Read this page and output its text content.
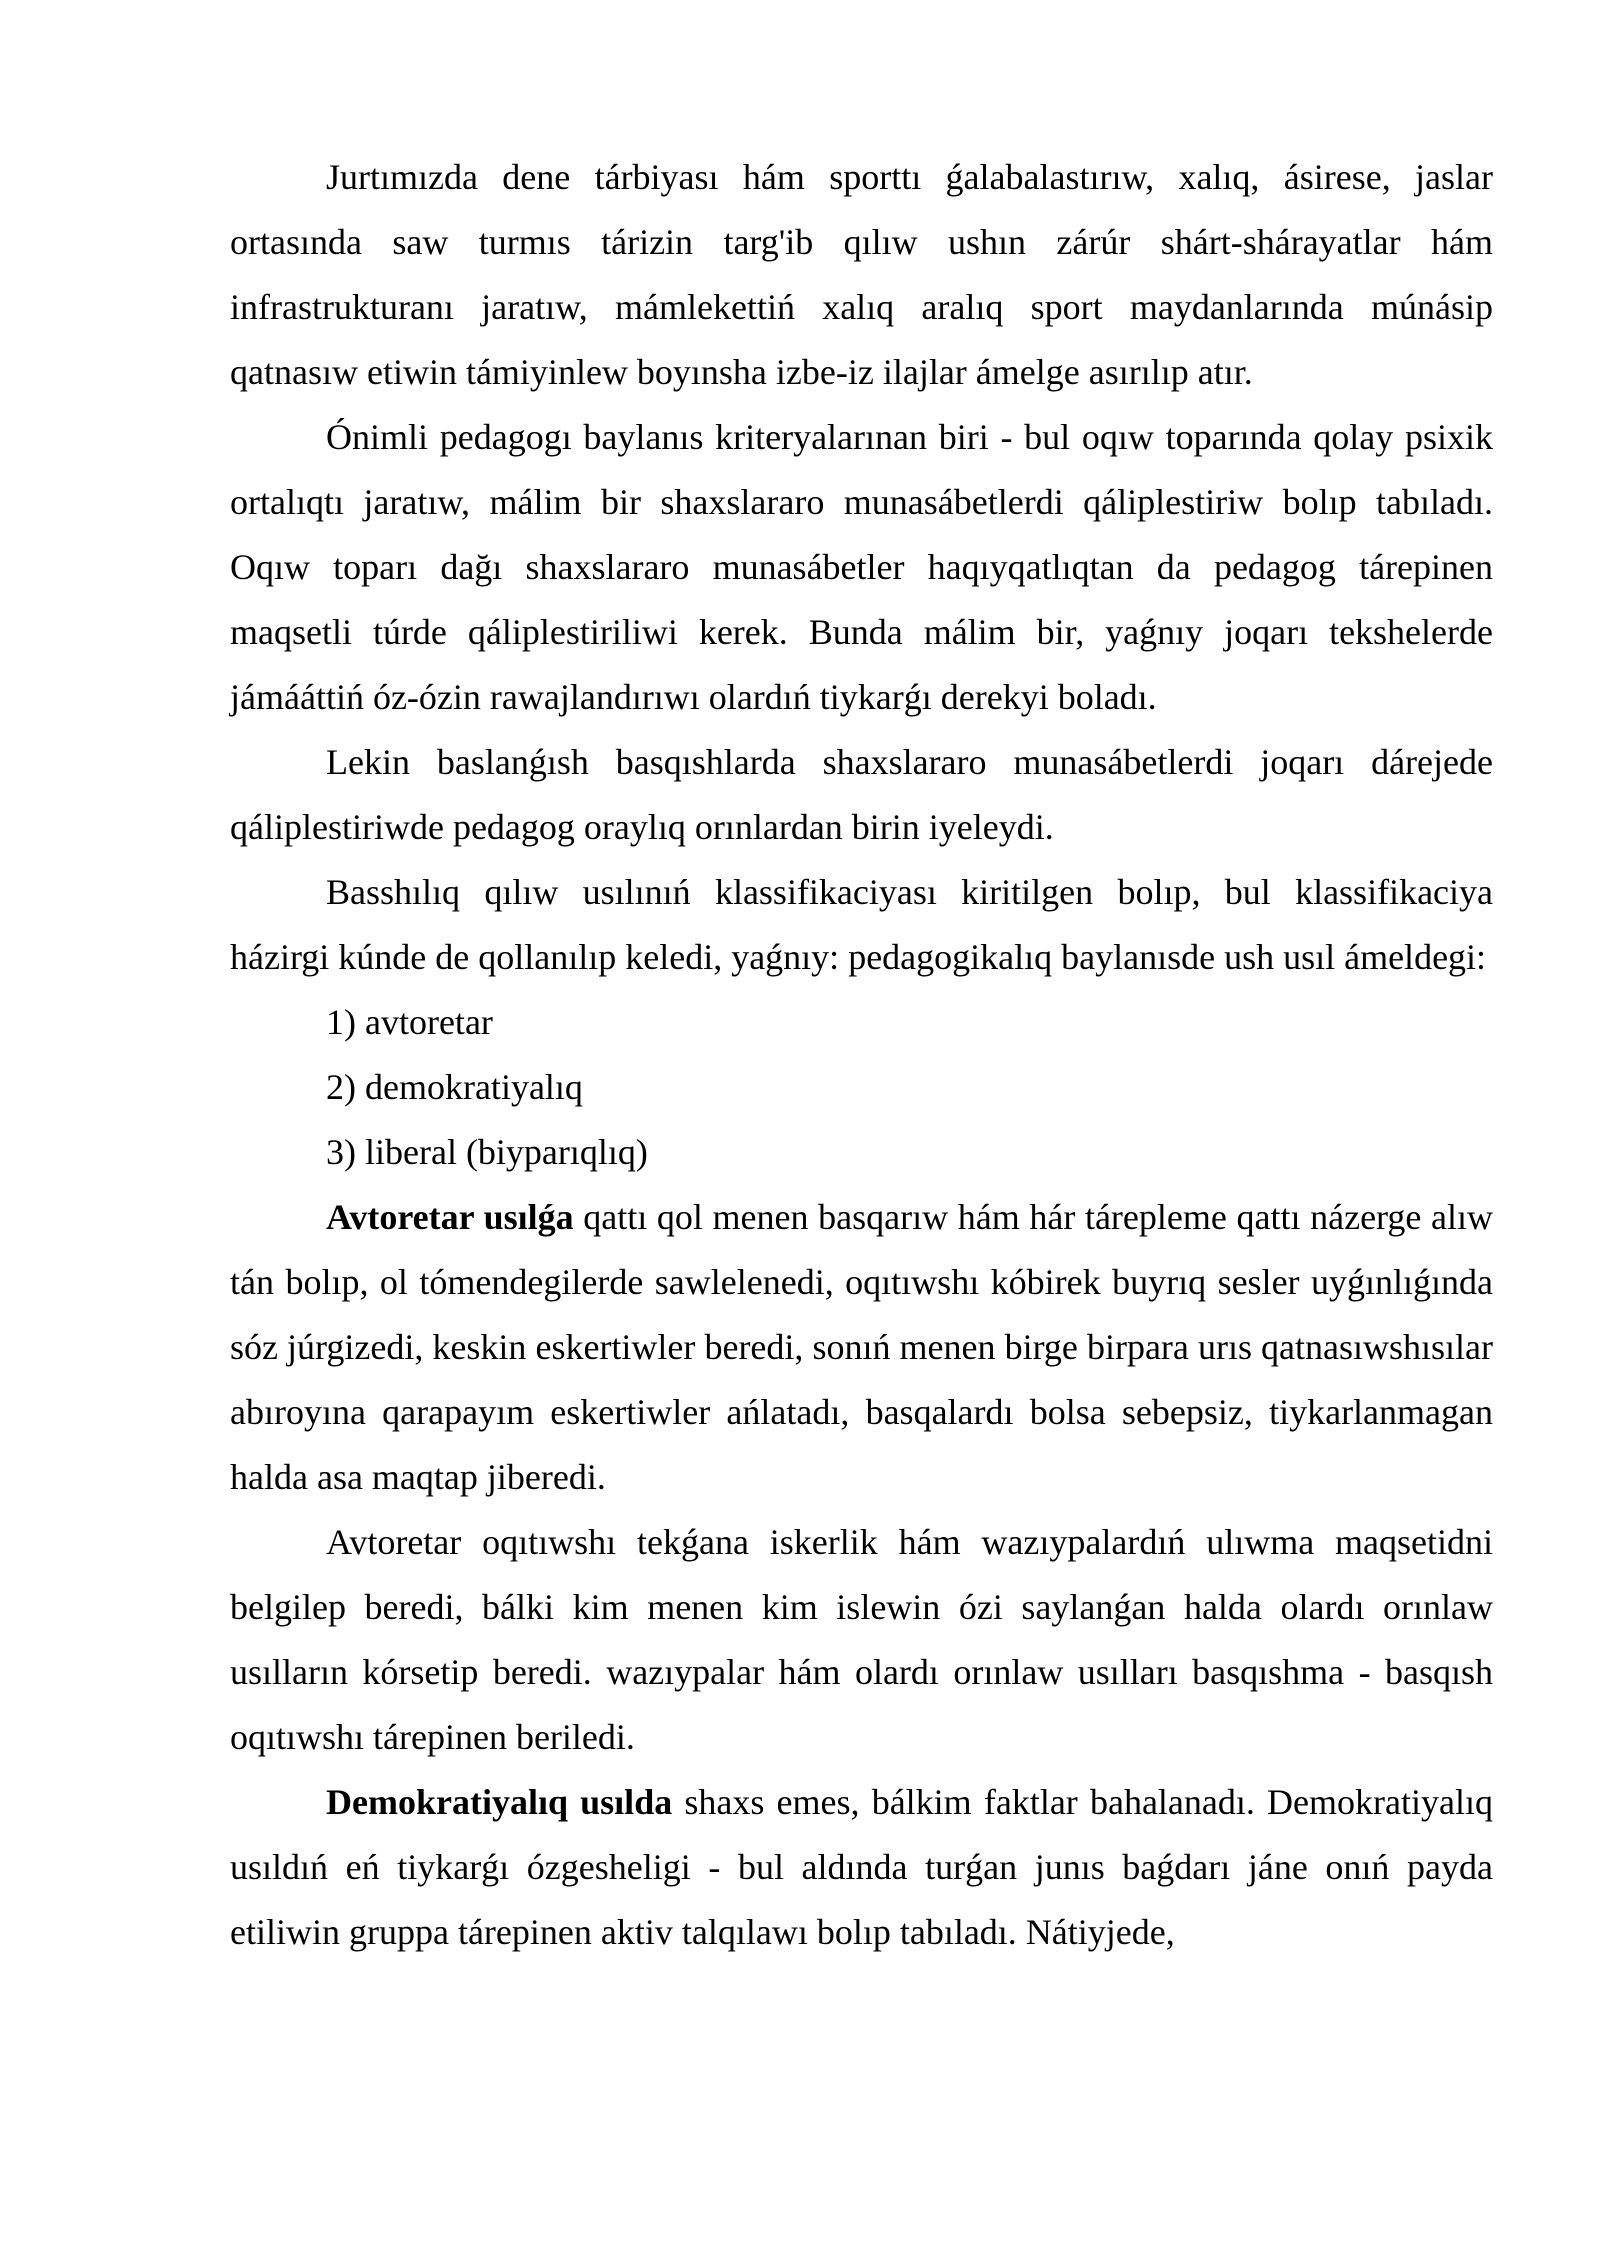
Jurtımızda dene tárbiyası hám sporttı ǵalabalastırıw, xalıq, ásirese, jaslar ortasında saw turmıs tárizin targ'ib qılıw ushın zárúr shárt-shárayatlar hám infrastrukturanı jaratıw, mámlekettiń xalıq aralıq sport maydanlarında múnásip qatnasıw etiwin támiyinlew boyınsha izbe-iz ilajlar ámelge asırılıp atır.

Ónimli pedagogı baylanıs kriteryalarınan biri - bul oqıw toparında qolay psixik ortalıqtı jaratıw, málim bir shaxslararo munasábetlerdi qáliplestiriw bolıp tabıladı. Oqıw toparı dağı shaxslararo munasábetler haqıyqatlıqtan da pedagog tárepinen maqsetli túrde qáliplestiriliwi kerek. Bunda málim bir, yaǵnıy joqarı tekshelerde jámááttiń óz-ózin rawajlandırıwı olardıń tiykarǵı derekyi boladı.

Lekin baslanǵısh basqıshlarda shaxslararo munasábetlerdi joqarı dárejede qáliplestiriwde pedagog oraylıq orınlardan birin iyeleydi.

Basshılıq qılıw usılınıń klassifikaciyası kiritilgen bolıp, bul klassifikaciya házirgi kúnde de qollanılıp keledi, yaǵnıy: pedagogikalıq baylanısde ush usıl ámeldegi:

1) avtoretar

2) demokratiyalıq

3) liberal (biyparıqlıq)

Avtoretar usılǵa qattı qol menen basqarıw hám hár tárepleme qattı názerge alıw tán bolıp, ol tómendegilerde sawlelenedi, oqıtıwshı kóbirek buyrıq sesler uyǵınlıǵında sóz júrgizedi, keskin eskertiwler beredi, sonıń menen birge birpara urıs qatnasıwshısılar abıroyına qarapayım eskertiwler ańlatadı, basqalardı bolsa sebepsiz, tiykarlanmagan halda asa maqtap jiberedi.

Avtoretar oqıtıwshı tekǵana iskerlik hám wazıypalardıń ulıwma maqsetidni belgilep beredi, bálki kim menen kim islewin ózi saylanǵan halda olardı orınlaw usılların kórsetip beredi. wazıypalar hám olardı orınlaw usılları basqıshma - basqısh oqıtıwshı tárepinen beriledi.

Demokratiyalıq usılda shaxs emes, bálkim faktlar bahalanadı. Demokratiyalıq usıldıń eń tiykarǵı ózgesheligi - bul aldında turǵan junıs baǵdarı jáne onıń payda etiliwin gruppa tárepinen aktiv talqılawı bolıp tabıladı. Nátiyjede,
